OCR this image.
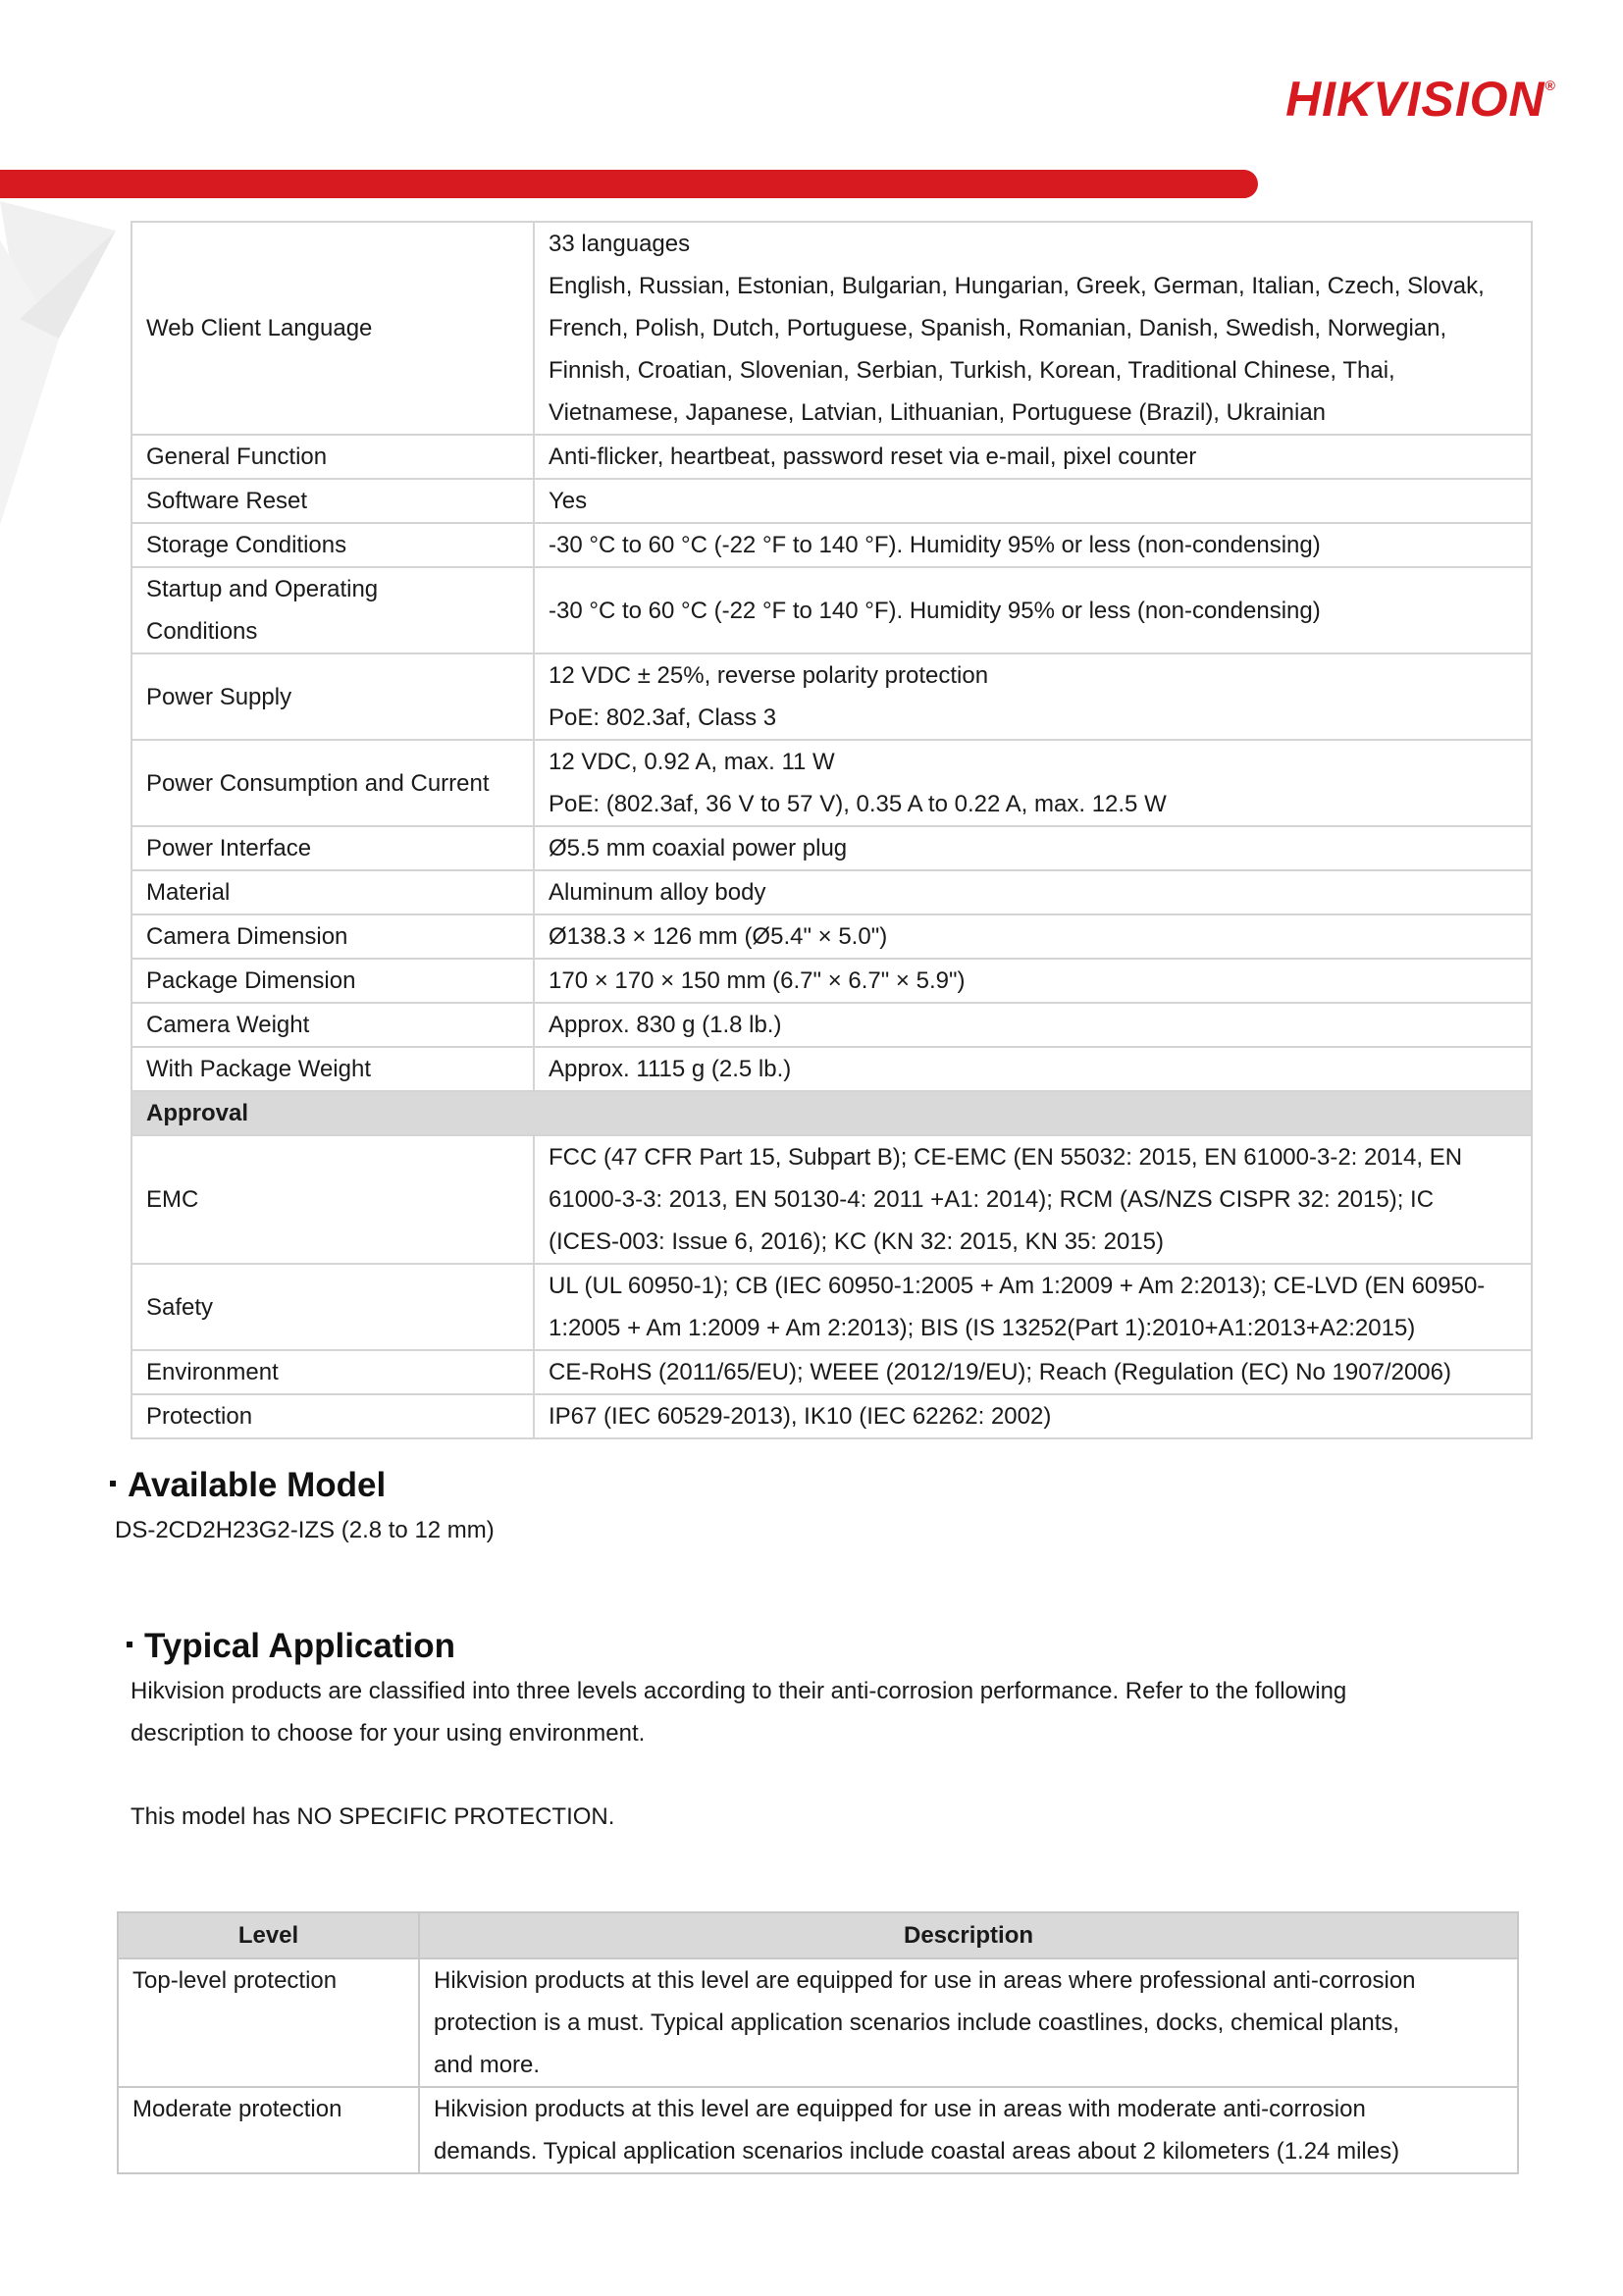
HIKVISION®
Web Client Language	33 languages
English, Russian, Estonian, Bulgarian, Hungarian, Greek, German, Italian, Czech, Slovak,
French, Polish, Dutch, Portuguese, Spanish, Romanian, Danish, Swedish, Norwegian,
Finnish, Croatian, Slovenian, Serbian, Turkish, Korean, Traditional Chinese, Thai,
Vietnamese, Japanese, Latvian, Lithuanian, Portuguese (Brazil), Ukrainian

General Function	Anti-flicker, heartbeat, password reset via e-mail, pixel counter

Software Reset	Yes

Storage Conditions	-30 °C to 60 °C (-22 °F to 140 °F). Humidity 95% or less (non-condensing)

Startup and Operating
Conditions	-30 °C to 60 °C (-22 °F to 140 °F). Humidity 95% or less (non-condensing)

Power Supply	12 VDC ± 25%, reverse polarity protection
PoE: 802.3af, Class 3

Power Consumption and Current	12 VDC, 0.92 A, max. 11 W
PoE: (802.3af, 36 V to 57 V), 0.35 A to 0.22 A, max. 12.5 W

Power Interface	Ø5.5 mm coaxial power plug

Material	Aluminum alloy body

Camera Dimension	Ø138.3 × 126 mm (Ø5.4" × 5.0")

Package Dimension	170 × 170 × 150 mm (6.7" × 6.7" × 5.9")

Camera Weight	Approx. 830 g (1.8 lb.)

With Package Weight	Approx. 1115 g (2.5 lb.)

Approval	

EMC	FCC (47 CFR Part 15, Subpart B); CE-EMC (EN 55032: 2015, EN 61000-3-2: 2014, EN
61000-3-3: 2013, EN 50130-4: 2011 +A1: 2014); RCM (AS/NZS CISPR 32: 2015); IC
(ICES-003: Issue 6, 2016); KC (KN 32: 2015, KN 35: 2015)

Safety	UL (UL 60950-1); CB (IEC 60950-1:2005 + Am 1:2009 + Am 2:2013); CE-LVD (EN 60950-
1:2005 + Am 1:2009 + Am 2:2013); BIS (IS 13252(Part 1):2010+A1:2013+A2:2015)

Environment	CE-RoHS (2011/65/EU); WEEE (2012/19/EU); Reach (Regulation (EC) No 1907/2006)

Protection	IP67 (IEC 60529-2013), IK10 (IEC 62262: 2002)
Available Model
DS-2CD2H23G2-IZS (2.8 to 12 mm)
Typical Application
Hikvision products are classified into three levels according to their anti-corrosion performance. Refer to the following
description to choose for your using environment.
This model has NO SPECIFIC PROTECTION.
Level	Description
Top-level protection	Hikvision products at this level are equipped for use in areas where professional anti-corrosion
protection is a must. Typical application scenarios include coastlines, docks, chemical plants,
and more.

Moderate protection	Hikvision products at this level are equipped for use in areas with moderate anti-corrosion
demands. Typical application scenarios include coastal areas about 2 kilometers (1.24 miles)
